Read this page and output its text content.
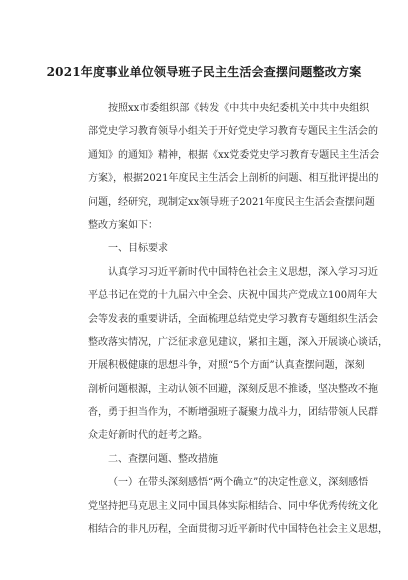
2021年度事业单位领导班子民主生活会查摆问题整改方案
按照xx市委组织部《转发《中共中央纪委机关中共中央组织
部党史学习教育领导小组关于开好党史学习教育专题民主生活会的
通知》的通知》精神，根据《xx党委党史学习教育专题民主生活会
方案》，根据2021年度民主生活会上剖析的问题、相互批评提出的
问题，经研究，现制定xx领导班子2021年度民主生活会查摆问题
整改方案如下：
一、目标要求
认真学习习近平新时代中国特色社会主义思想，深入学习习近
平总书记在党的十九届六中全会、庆祝中国共产党成立100周年大
会等发表的重要讲话，全面梳理总结党史学习教育专题组织生活会
整改落实情况，广泛征求意见建议，紧扣主题，深入开展谈心谈话，
开展积极健康的思想斗争，对照“5个方面”认真查摆问题，深刻
剖析问题根源，主动认领不回避，深刻反思不推诿，坚决整改不拖
沓，勇于担当作为，不断增强班子凝聚力战斗力，团结带领人民群
众走好新时代的赶考之路。
二、查摆问题、整改措施
（一）在带头深刻感悟“两个确立”的决定性意义，深刻感悟
党坚持把马克思主义同中国具体实际相结合、同中华优秀传统文化
相结合的非凡历程，全面贯彻习近平新时代中国特色社会主义思想，
